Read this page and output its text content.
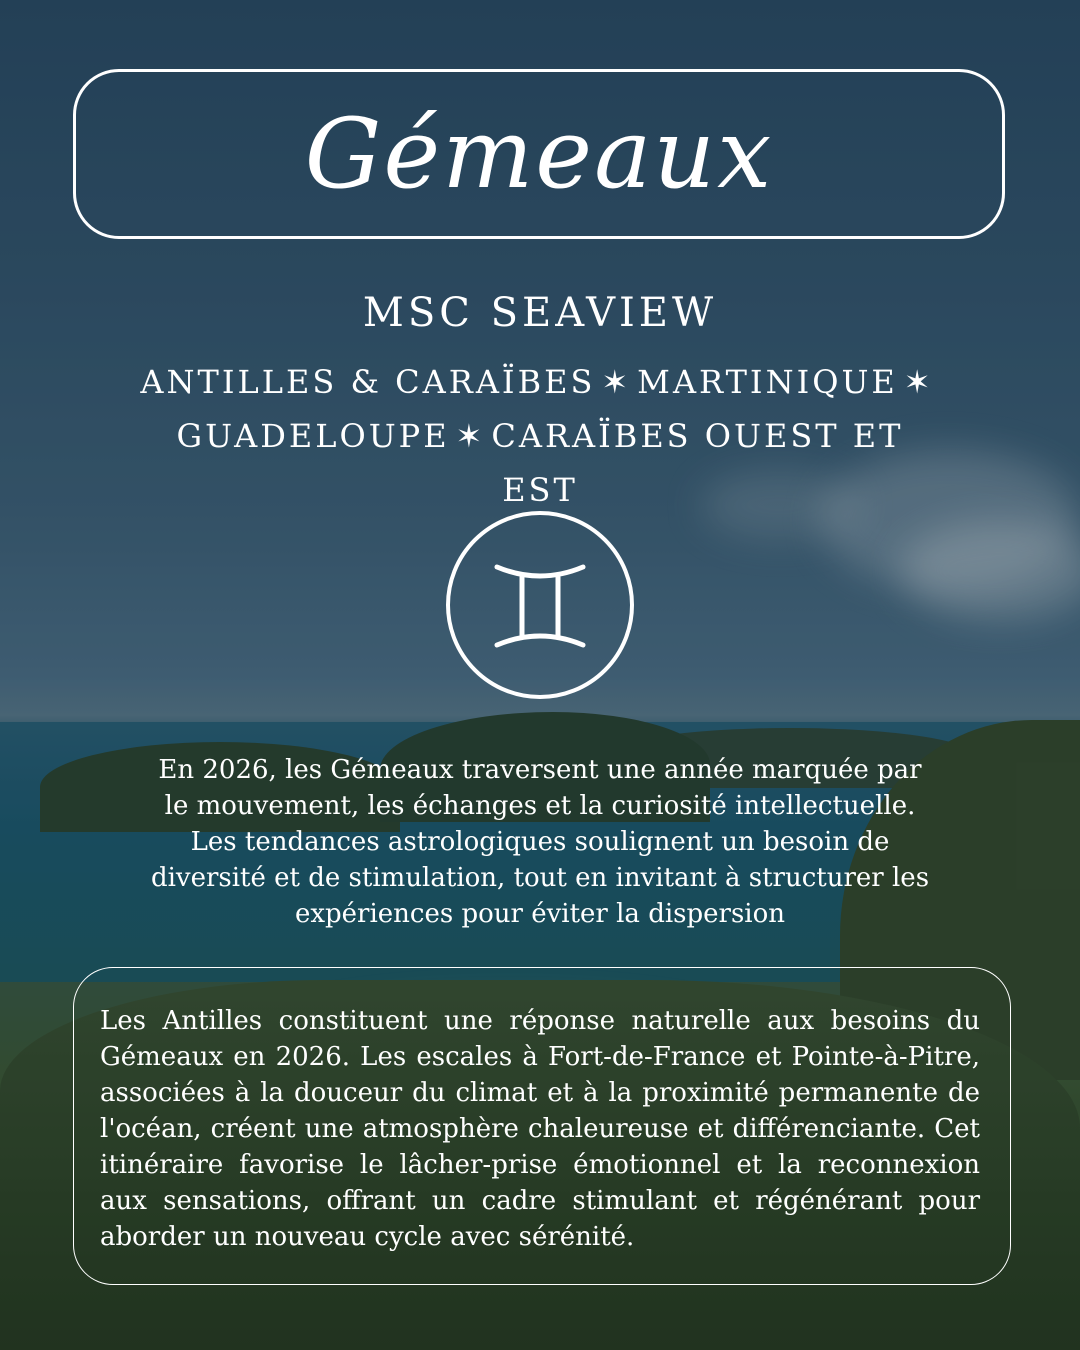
Gémeaux
MSC SEAVIEW
ANTILLES & CARAÏBES ✶ MARTINIQUE ✶
GUADELOUPE ✶ CARAÏBES OUEST ET EST
En 2026, les Gémeaux traversent une année marquée par le mouvement, les échanges et la curiosité intellectuelle. Les tendances astrologiques soulignent un besoin de diversité et de stimulation, tout en invitant à structurer les expériences pour éviter la dispersion
Les Antilles constituent une réponse naturelle aux besoins du Gémeaux en 2026. Les escales à Fort-de-France et Pointe-à-Pitre, associées à la douceur du climat et à la proximité permanente de l'océan, créent une atmosphère chaleureuse et différenciante. Cet itinéraire favorise le lâcher-prise émotionnel et la reconnexion aux sensations, offrant un cadre stimulant et régénérant pour aborder un nouveau cycle avec sérénité.
